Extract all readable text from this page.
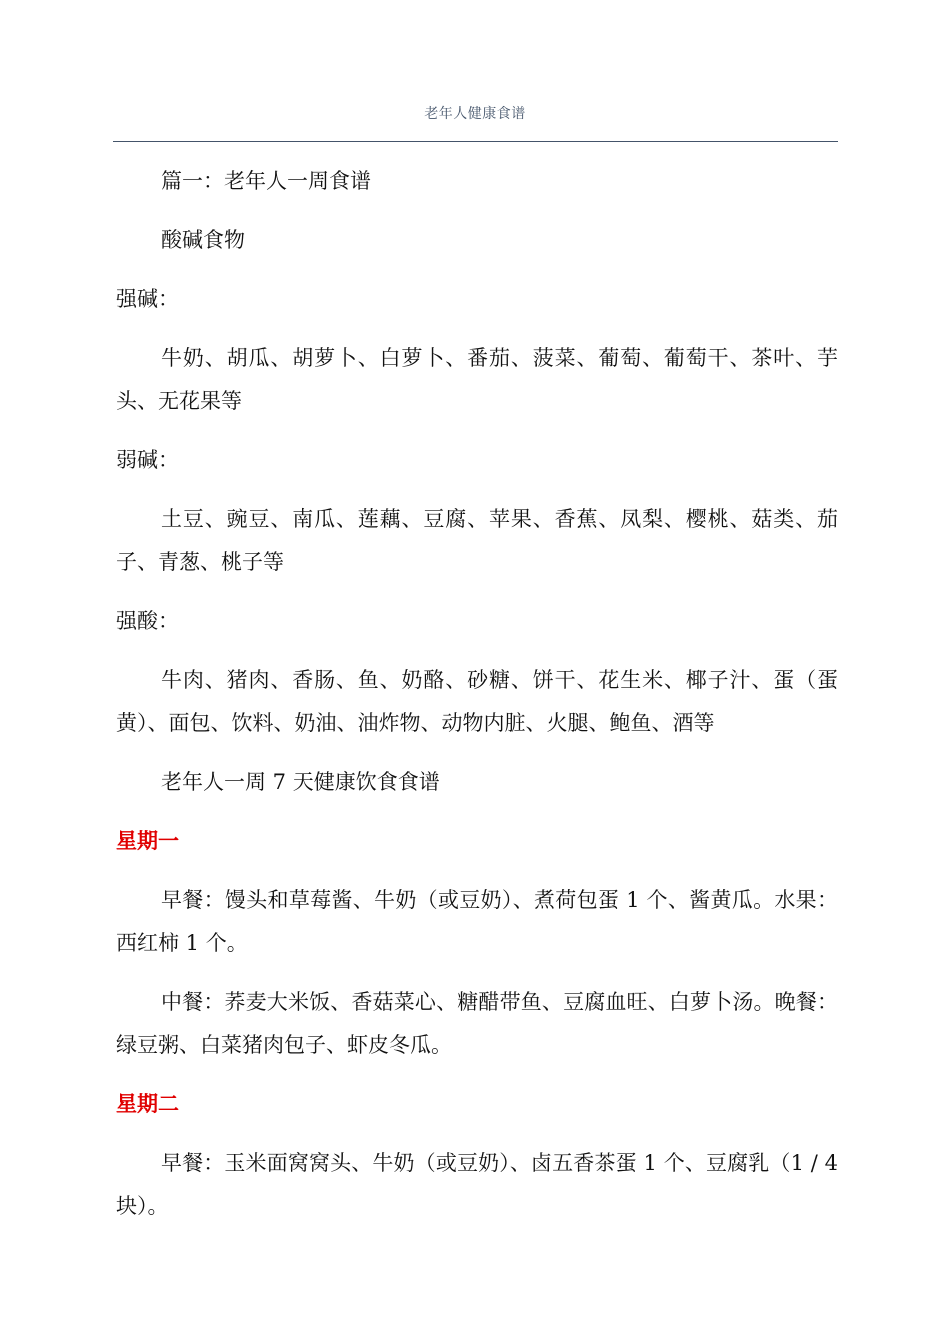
老年人健康食谱

篇一：老年人一周食谱

酸碱食物

强碱：

牛奶、胡瓜、胡萝卜、白萝卜、番茄、菠菜、葡萄、葡萄干、茶叶、芋头、无花果等

弱碱：

土豆、豌豆、南瓜、莲藕、豆腐、苹果、香蕉、凤梨、樱桃、菇类、茄子、青葱、桃子等

强酸：

牛肉、猪肉、香肠、鱼、奶酪、砂糖、饼干、花生米、椰子汁、蛋（蛋黄）、面包、饮料、奶油、油炸物、动物内脏、火腿、鲍鱼、酒等

老年人一周 7 天健康饮食食谱

星期一

早餐：馒头和草莓酱、牛奶（或豆奶）、煮荷包蛋 1 个、酱黄瓜。水果：西红柿 1 个。

中餐：荞麦大米饭、香菇菜心、糖醋带鱼、豆腐血旺、白萝卜汤。晚餐：绿豆粥、白菜猪肉包子、虾皮冬瓜。

星期二

早餐：玉米面窝窝头、牛奶（或豆奶）、卤五香茶蛋 1 个、豆腐乳（1 / 4块）。
